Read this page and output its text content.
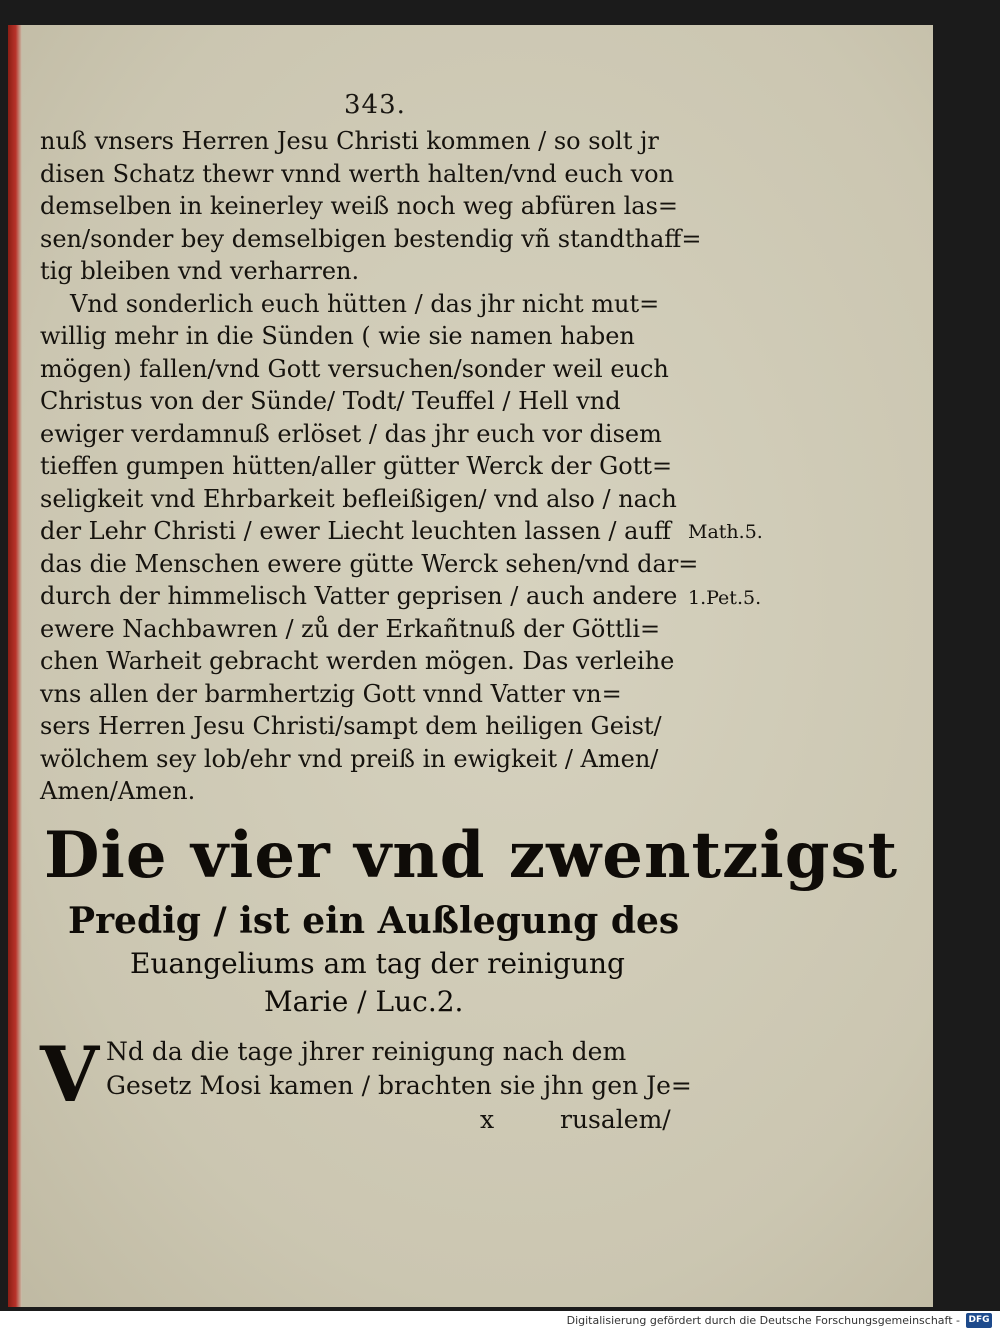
343.
nuß vnsers Herren Jesu Christi kommen / so solt jr
disen Schatz thewr vnnd werth halten/vnd euch von
demselben in keinerley weiß noch weg abfüren las=
sen/sonder bey demselbigen bestendig vñ standthaff=
tig bleiben vnd verharren.
Vnd sonderlich euch hütten / das jhr nicht mut=
willig mehr in die Sünden ( wie sie namen haben
mögen) fallen/vnd Gott versuchen/sonder weil euch
Christus von der Sünde/ Todt/ Teuffel / Hell vnd
ewiger verdamnuß erlöset / das jhr euch vor disem
tieffen gumpen hütten/aller gütter Werck der Gott=
seligkeit vnd Ehrbarkeit befleißigen/ vnd also / nach
der Lehr Christi / ewer Liecht leuchten lassen / auff
das die Menschen ewere gütte Werck sehen/vnd dar=
durch der himmelisch Vatter geprisen / auch andere
ewere Nachbawren / zů der Erkañtnuß der Göttli=
chen Warheit gebracht werden mögen. Das verleihe
vns allen der barmhertzig Gott vnnd Vatter vn=
sers Herren Jesu Christi/sampt dem heiligen Geist/
wölchem sey lob/ehr vnd preiß in ewigkeit / Amen/
Amen/Amen.
Math.5.
1.Pet.5.
Die vier vnd zwentzigst
Predig / ist ein Außlegung des
Euangeliums am tag der reinigung
Marie / Luc.2.
V Nd da die tage jhrer reinigung nach dem
Gesetz Mosi kamen / brachten sie jhn gen Je=
x	rusalem/
Digitalisierung gefördert durch die Deutsche Forschungsgemeinschaft - DFG
